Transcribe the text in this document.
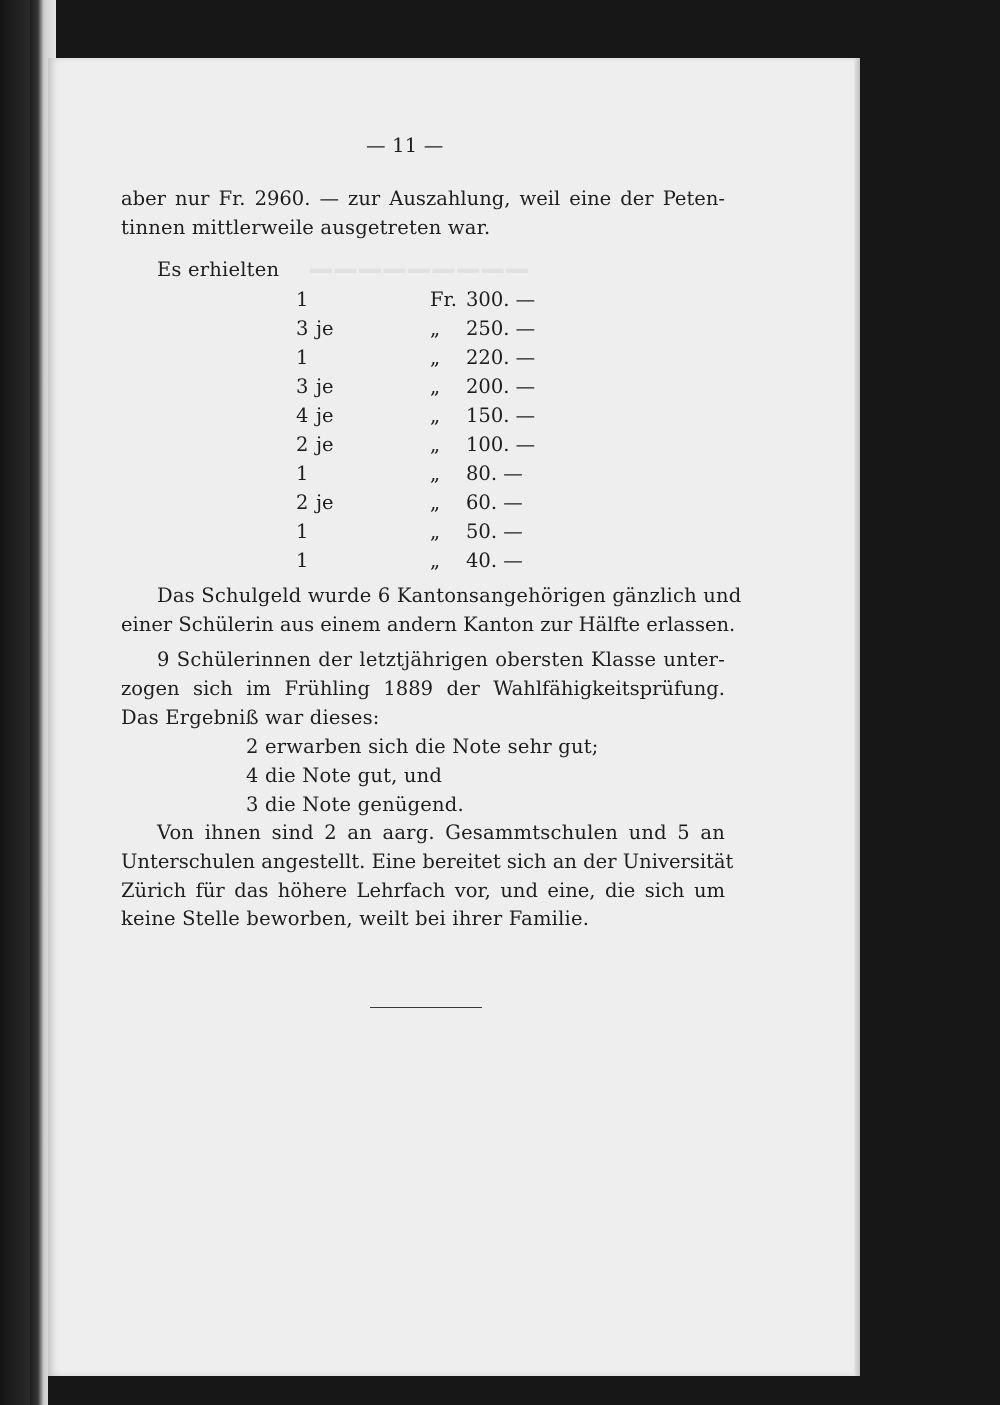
▁▁▁▁▁▁▁▁▁
— 11 —
aber nur Fr. 2960. — zur Auszahlung, weil eine der Peten-
tinnen mittlerweile ausgetreten war.
Es erhielten
1	Fr. 300. —
3 je	„ 250. —
1	„ 220. —
3 je	„ 200. —
4 je	„ 150. —
2 je	„ 100. —
1	„ 80. —
2 je	„ 60. —
1	„ 50. —
1	„ 40. —
Das Schulgeld wurde 6 Kantonsangehörigen gänzlich und
einer Schülerin aus einem andern Kanton zur Hälfte erlassen.
9 Schülerinnen der letztjährigen obersten Klasse unter-
zogen sich im Frühling 1889 der Wahlfähigkeitsprüfung.
Das Ergebniß war dieses:
2 erwarben sich die Note sehr gut;
4 die Note gut, und
3 die Note genügend.
Von ihnen sind 2 an aarg. Gesammtschulen und 5 an
Unterschulen angestellt. Eine bereitet sich an der Universität
Zürich für das höhere Lehrfach vor, und eine, die sich um
keine Stelle beworben, weilt bei ihrer Familie.
